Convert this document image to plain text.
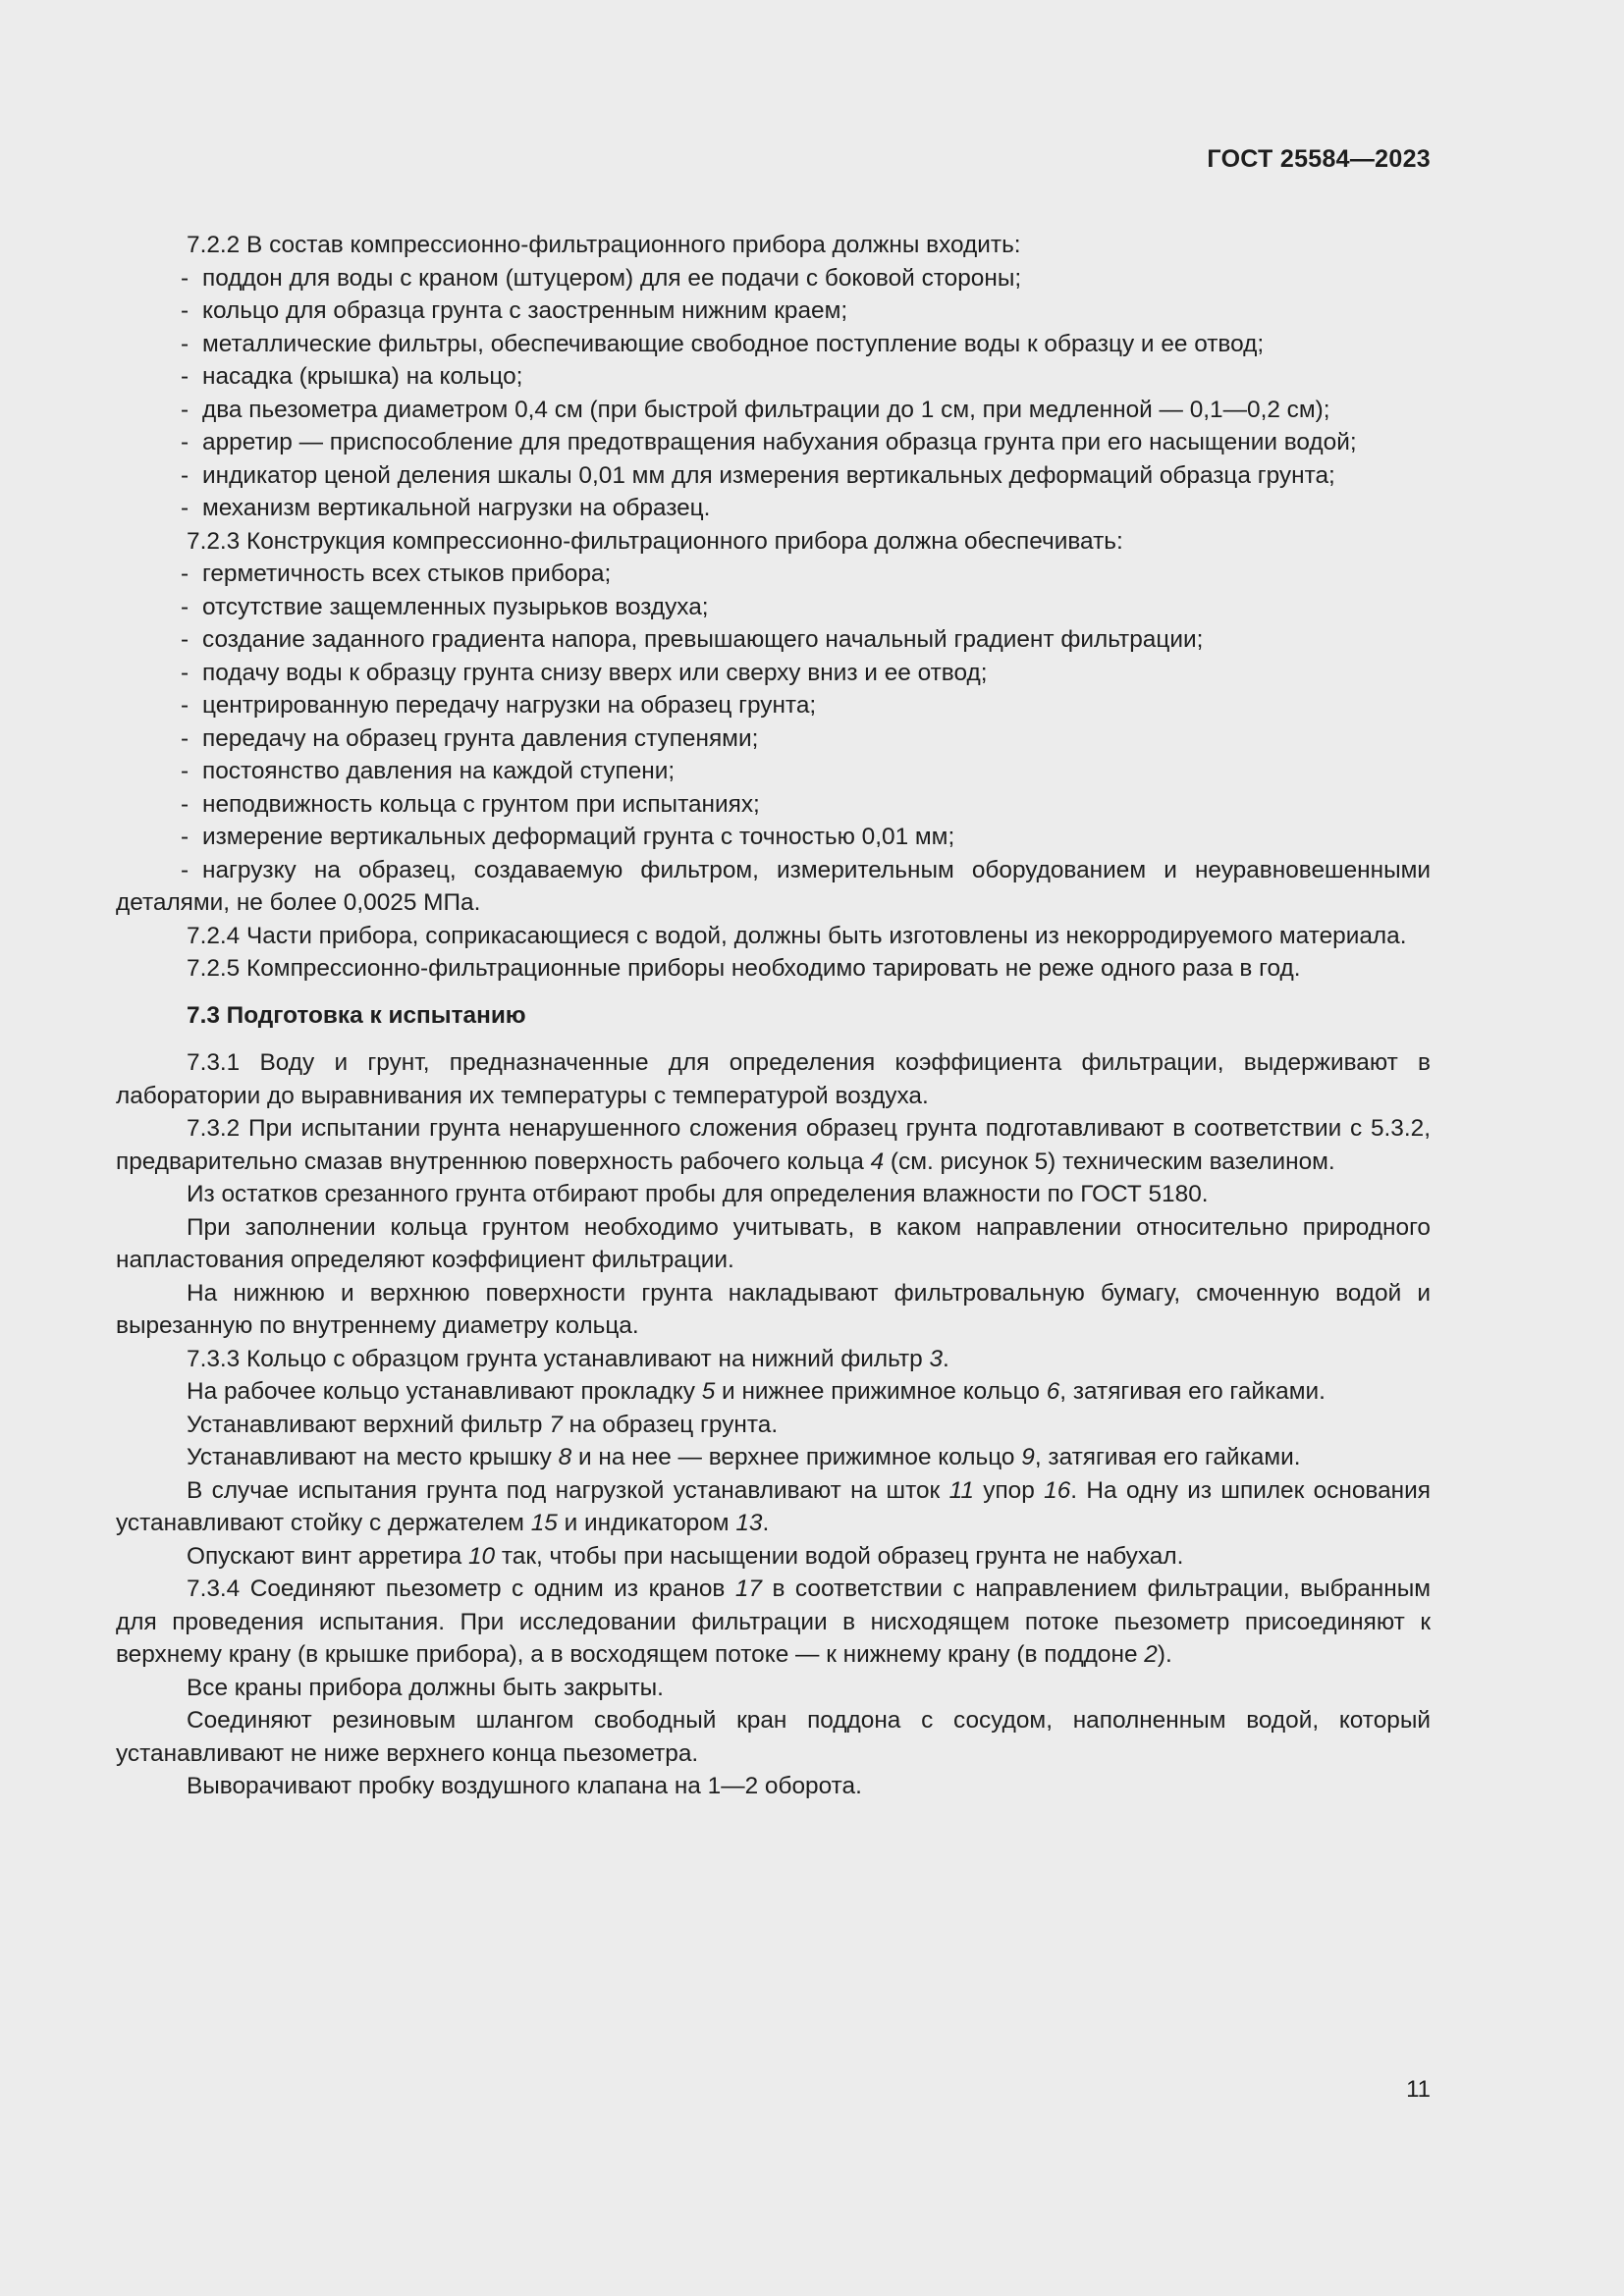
ГОСТ 25584—2023
7.2.2 В состав компрессионно-фильтрационного прибора должны входить:
- поддон для воды с краном (штуцером) для ее подачи с боковой стороны;
- кольцо для образца грунта с заостренным нижним краем;
- металлические фильтры, обеспечивающие свободное поступление воды к образцу и ее отвод;
- насадка (крышка) на кольцо;
- два пьезометра диаметром 0,4 см (при быстрой фильтрации до 1 см, при медленной — 0,1—0,2 см);
- арретир — приспособление для предотвращения набухания образца грунта при его насыщении водой;
- индикатор ценой деления шкалы 0,01 мм для измерения вертикальных деформаций образца грунта;
- механизм вертикальной нагрузки на образец.
7.2.3 Конструкция компрессионно-фильтрационного прибора должна обеспечивать:
- герметичность всех стыков прибора;
- отсутствие защемленных пузырьков воздуха;
- создание заданного градиента напора, превышающего начальный градиент фильтрации;
- подачу воды к образцу грунта снизу вверх или сверху вниз и ее отвод;
- центрированную передачу нагрузки на образец грунта;
- передачу на образец грунта давления ступенями;
- постоянство давления на каждой ступени;
- неподвижность кольца с грунтом при испытаниях;
- измерение вертикальных деформаций грунта с точностью 0,01 мм;
- нагрузку на образец, создаваемую фильтром, измерительным оборудованием и неуравновешенными деталями, не более 0,0025 МПа.
7.2.4 Части прибора, соприкасающиеся с водой, должны быть изготовлены из некорродируемого материала.
7.2.5 Компрессионно-фильтрационные приборы необходимо тарировать не реже одного раза в год.
7.3 Подготовка к испытанию
7.3.1 Воду и грунт, предназначенные для определения коэффициента фильтрации, выдерживают в лаборатории до выравнивания их температуры с температурой воздуха.
7.3.2 При испытании грунта ненарушенного сложения образец грунта подготавливают в соответствии с 5.3.2, предварительно смазав внутреннюю поверхность рабочего кольца 4 (см. рисунок 5) техническим вазелином.
Из остатков срезанного грунта отбирают пробы для определения влажности по ГОСТ 5180.
При заполнении кольца грунтом необходимо учитывать, в каком направлении относительно природного напластования определяют коэффициент фильтрации.
На нижнюю и верхнюю поверхности грунта накладывают фильтровальную бумагу, смоченную водой и вырезанную по внутреннему диаметру кольца.
7.3.3 Кольцо с образцом грунта устанавливают на нижний фильтр 3.
На рабочее кольцо устанавливают прокладку 5 и нижнее прижимное кольцо 6, затягивая его гайками.
Устанавливают верхний фильтр 7 на образец грунта.
Устанавливают на место крышку 8 и на нее — верхнее прижимное кольцо 9, затягивая его гайками.
В случае испытания грунта под нагрузкой устанавливают на шток 11 упор 16. На одну из шпилек основания устанавливают стойку с держателем 15 и индикатором 13.
Опускают винт арретира 10 так, чтобы при насыщении водой образец грунта не набухал.
7.3.4 Соединяют пьезометр с одним из кранов 17 в соответствии с направлением фильтрации, выбранным для проведения испытания. При исследовании фильтрации в нисходящем потоке пьезометр присоединяют к верхнему крану (в крышке прибора), а в восходящем потоке — к нижнему крану (в поддоне 2).
Все краны прибора должны быть закрыты.
Соединяют резиновым шлангом свободный кран поддона с сосудом, наполненным водой, который устанавливают не ниже верхнего конца пьезометра.
Выворачивают пробку воздушного клапана на 1—2 оборота.
11
